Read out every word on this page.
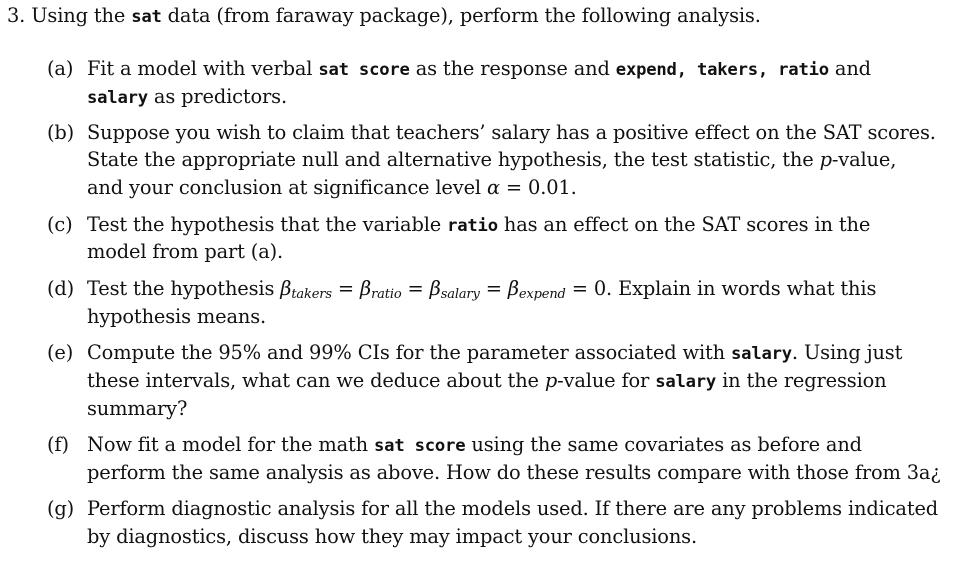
3. Using the sat data (from faraway package), perform the following analysis.
(a) Fit a model with verbal sat score as the response and expend, takers, ratio and
salary as predictors.
(b) Suppose you wish to claim that teachers’ salary has a positive effect on the SAT scores.
State the appropriate null and alternative hypothesis, the test statistic, the p-value,
and your conclusion at significance level α = 0.01.
(c) Test the hypothesis that the variable ratio has an effect on the SAT scores in the
model from part (a).
(d) Test the hypothesis $\beta_{takers} = \beta_{ratio} = \beta_{salary} = \beta_{expend} = 0$. Explain in words what this
hypothesis means.
(e) Compute the 95% and 99% CIs for the parameter associated with salary. Using just
these intervals, what can we deduce about the p-value for salary in the regression
summary?
(f) Now fit a model for the math sat score using the same covariates as before and
perform the same analysis as above. How do these results compare with those from 3a¿
(g) Perform diagnostic analysis for all the models used. If there are any problems indicated
by diagnostics, discuss how they may impact your conclusions.
